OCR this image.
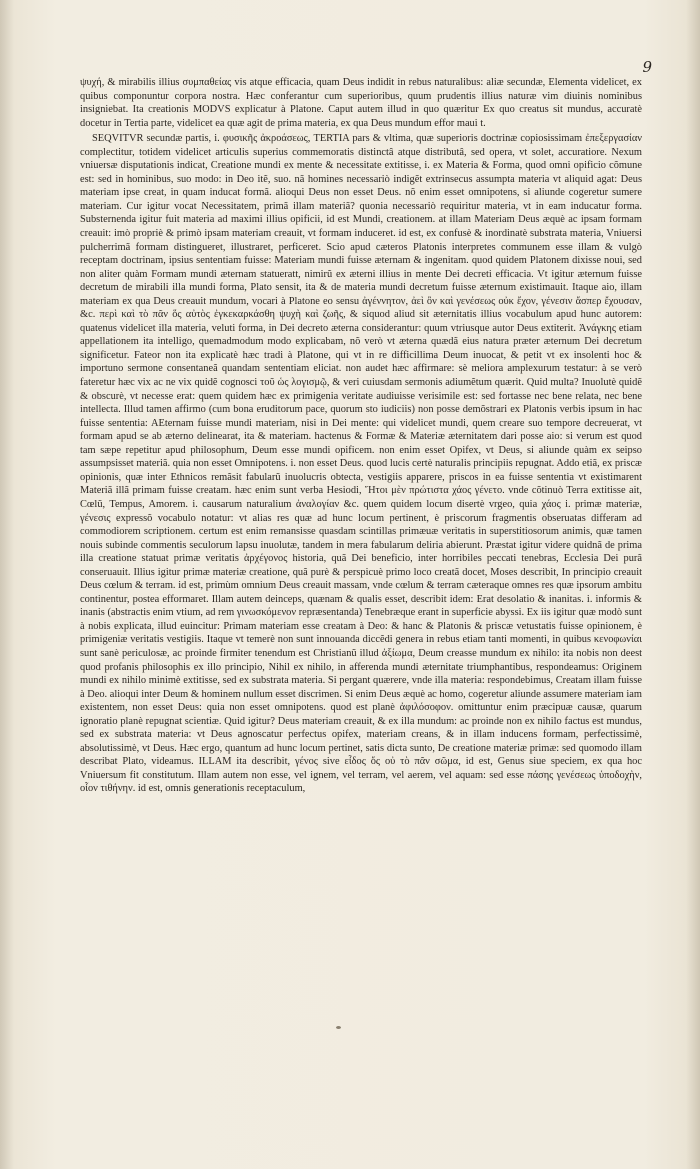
9

ψυχή, & mirabilis illius συμπαθείας vis atque efficacia, quam Deus indidit in rebus naturalibus: aliæ secundæ, Elementa videlicet, ex quibus componuntur corpora nostra. Hæc conferantur cum superioribus, quum prudentis illius naturæ vim diuinis nominibus insigniebat. Ita creationis MODVS explicatur à Platone. Caput autem illud in quo quæritur Ex quo creatus sit mundus, accuratè docetur in Tertia parte, videlicet ea quæ agit de prima materia, ex qua Deus mundum effor maui t.

SEQVITVR secundæ partis, i. φυσικῆς ἀκροάσεως, TERTIA pars & vltima, quæ superioris doctrinæ copiosissimam ἐπεξεργασίαν complectitur, totidem videlicet articulis superius commemoratis distinctâ atque distributâ, sed opera, vt solet, accuratiore. Nexum vniuersæ disputationis indicat, Creatione mundi ex mente & necessitate extitisse, i. ex Materia & Forma, quod omni opificio cõmune est: sed in hominibus, suo modo: in Deo itẽ, suo. nã homines necessariò indigẽt extrinsecus assumpta materia vt aliquid agat: Deus materiam ipse creat, in quam inducat formã. alioqui Deus non esset Deus. nõ enim esset omnipotens, si aliunde cogeretur sumere materiam. Cur igitur vocat Necessitatem, primã illam materiã? quonia necessariò requiritur materia, vt in eam inducatur forma. Substernenda igitur fuit materia ad maximi illius opificii, id est Mundi, creationem. at illam Materiam Deus æquè ac ipsam formam creauit: imò propriè & primò ipsam materiam creauit, vt formam induceret. id est, ex confusè & inordinatè substrata materia, Vniuersi pulcherrimã formam distingueret, illustraret, perficeret. Scio apud cæteros Platonis interpretes communem esse illam & vulgò receptam doctrinam, ipsius sententiam fuisse: Materiam mundi fuisse æternam & ingenitam. quod quidem Platonem dixisse noui, sed non aliter quàm Formam mundi æternam statueratt, nimirũ ex æterni illius in mente Dei decreti efficacia. Vt igitur æternum fuisse decretum de mirabili illa mundi forma, Plato sensit, ita & de materia mundi decretum fuisse æternum existimauit. Itaque aio, illam materiam ex qua Deus creauit mundum, vocari à Platone eo sensu ἀγέννητον, ἀεὶ ὂν καὶ γενέσεως οὐκ ἔχον, γένεσιν ἄσπερ ἔχουσαν, &c. περὶ καὶ τὸ πᾶν ὅς αὐτὸς ἐγκεκαρκάσθη ψυχὴ καὶ ζωῆς, & siquod aliud sit æternitatis illius vocabulum apud hunc autorem: quatenus videlicet illa materia, veluti forma, in Dei decreto æterna considerantur: quum vtriusque autor Deus extiterit. Ἀνάγκης etiam appellationem ita intelligo, quemadmodum modo explicabam, nõ verò vt æterna quædã eius natura præter æternum Dei decretum significetur. Fateor non ita explicatè hæc tradi à Platone, qui vt in re difficillima Deum inuocat, & petit vt ex insolenti hoc & importuno sermone consentaneã quandam sententiam eliciat. non audet hæc affirmare: sè meliora amplexurum testatur: à se verò fateretur hæc vix ac ne vix quidẽ cognosci τοῦ ὡς λογισμῷ, & veri cuiusdam sermonis adiumẽtum quærit. Quid multa? Inuolutè quidẽ & obscurè, vt necesse erat: quem quidem hæc ex primigenia veritate audiuisse verisimile est: sed fortasse nec bene relata, nec bene intellecta. Illud tamen affirmo (cum bona eruditorum pace, quorum sto iudiciis) non posse demõstrari ex Platonis verbis ipsum in hac fuisse sententia: AEternam fuisse mundi materiam, nisi in Dei mente: qui videlicet mundi, quem creare suo tempore decreuerat, vt formam apud se ab æterno delinearat, ita & materiam. hactenus & Formæ & Materiæ æternitatem dari posse aio: si verum est quod tam sæpe repetitur apud philosophum, Deum esse mundi opificem. non enim esset Opifex, vt Deus, si aliunde quàm ex seipso assumpsisset materiã. quia non esset Omnipotens. i. non esset Deus. quod lucis certè naturalis principiis repugnat. Addo etiã, ex priscæ opinionis, quæ inter Ethnicos remãsit fabularũ inuolucris obtecta, vestigiis apparere, priscos in ea fuisse sententia vt existimarent Materiã illã primam fuisse creatam. hæc enim sunt verba Hesiodi, Ἤτοι μὲν πρώτιστα χάος γένετο. vnde cõtinuò Terra extitisse ait, Cœlũ, Tempus, Amorem. i. causarum naturalium ἀναλογίαν &c. quem quidem locum disertè vrgeo, quia χάος i. primæ materiæ, γένεσις expressõ vocabulo notatur: vt alias res quæ ad hunc locum pertinent, è priscorum fragmentis obseruatas differam ad commodiorem scriptionem. certum est enim remansisse quasdam scintillas primæuæ veritatis in superstitiosorum animis, quæ tamen nouis subinde commentis seculorum lapsu inuolutæ, tandem in mera fabularum deliria abierunt. Præstat igitur videre quidnã de prima illa creatione statuat primæ veritatis ἀρχέγονος historia, quã Dei beneficio, inter horribiles peccati tenebras, Ecclesia Dei purã conseruauit. Illius igitur primæ materiæ creatione, quã purè & perspicuè primo loco creatã docet, Moses describit, In principio creauit Deus cœlum & terram. id est, primùm omnium Deus creauit massam, vnde cœlum & terram cæteraque omnes res quæ ipsorum ambitu continentur, postea efformaret. Illam autem deinceps, quænam & qualis esset, describit idem: Erat desolatio & inanitas. i. informis & inanis (abstractis enim vtium, ad rem γινωσκόμενον repræsentanda) Tenebræque erant in superficie abyssi. Ex iis igitur quæ modò sunt à nobis explicata, illud euincitur: Primam materiam esse creatam à Deo: & hanc & Platonis & priscæ vetustatis fuisse opinionem, è primigeniæ veritatis vestigiis. Itaque vt temerè non sunt innouanda diccẽdi genera in rebus etiam tanti momenti, in quibus κενοφωνίαι sunt sanè periculosæ, ac proinde firmiter tenendum est Christianũ illud ἀξίωμα, Deum creasse mundum ex nihilo: ita nobis non deest quod profanis philosophis ex illo principio, Nihil ex nihilo, in afferenda mundi æternitate triumphantibus, respondeamus: Originem mundi ex nihilo minimè extitisse, sed ex substrata materia. Si pergant quærere, vnde illa materia: respondebimus, Creatam illam fuisse à Deo. alioqui inter Deum & hominem nullum esset discrimen. Si enim Deus æquè ac homo, cogeretur aliunde assumere materiam iam existentem, non esset Deus: quia non esset omnipotens. quod est planè ἀφιλόσοφον. omittuntur enim præcipuæ causæ, quarum ignoratio planè repugnat scientiæ. Quid igitur? Deus materiam creauit, & ex illa mundum: ac proinde non ex nihilo factus est mundus, sed ex substrata materia: vt Deus agnoscatur perfectus opifex, materiam creans, & in illam inducens formam, perfectissimè, absolutissimè, vt Deus. Hæc ergo, quantum ad hunc locum pertinet, satis dicta sunto, De creatione materiæ primæ: sed quomodo illam describat Plato, videamus. ILLAM ita describit, γένος sive εἶδος ὅς οὐ τὸ πᾶν σῶμα, id est, Genus siue speciem, ex qua hoc Vniuersum fit constitutum. Illam autem non esse, vel ignem, vel terram, vel aerem, vel aquam: sed esse πάσης γενέσεως ὑποδοχὴν, οἷον τιθήνην. id est, omnis generationis receptaculum,
